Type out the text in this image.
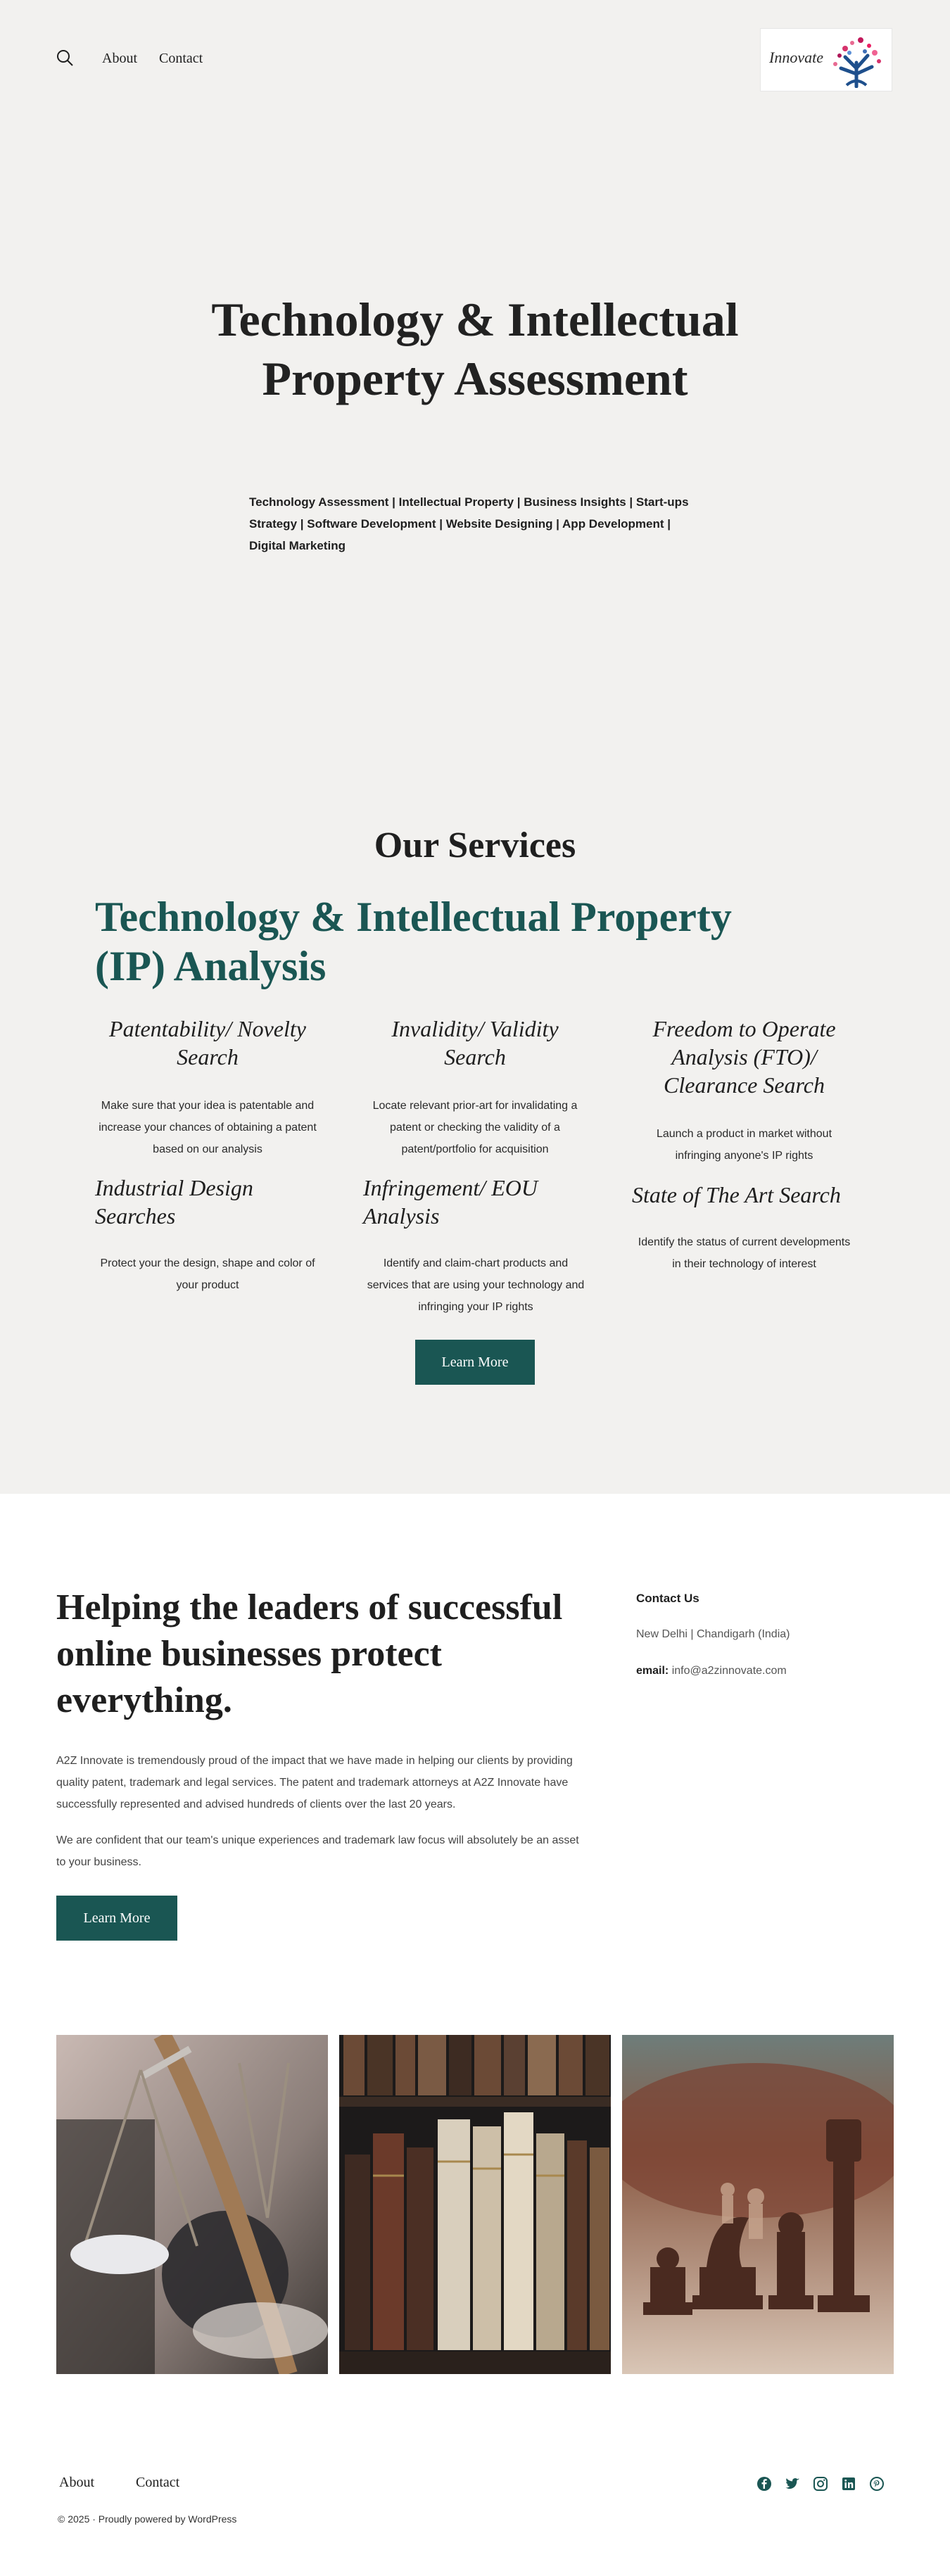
About Contact	Innovate
Technology & Intellectual Property Assessment

Technology Assessment | Intellectual Property | Business Insights | Start-ups Strategy | Software Development | Website Designing | App Development | Digital Marketing

Our Services
Technology & Intellectual Property (IP) Analysis
Patentability/ Novelty Search
Make sure that your idea is patentable and increase your chances of obtaining a patent based on our analysis
Invalidity/ Validity Search
Locate relevant prior-art for invalidating a patent or checking the validity of a patent/portfolio for acquisition
Freedom to Operate Analysis (FTO)/ Clearance Search
Launch a product in market without infringing anyone's IP rights
Industrial Design Searches
Protect your the design, shape and color of your product
Infringement/ EOU Analysis
Identify and claim-chart products and services that are using your technology and infringing your IP rights
State of The Art Search
Identify the status of current developments in their technology of interest
Learn More
Helping the leaders of successful online businesses protect everything.

A2Z Innovate is tremendously proud of the impact that we have made in helping our clients by providing quality patent, trademark and legal services. The patent and trademark attorneys at A2Z Innovate have successfully represented and advised hundreds of clients over the last 20 years.

We are confident that our team's unique experiences and trademark law focus will absolutely be an asset to your business.

Learn More
Contact Us
New Delhi | Chandigarh (India)
email: info@a2zinnovate.com
About	Contact
© 2025 · Proudly powered by WordPress
